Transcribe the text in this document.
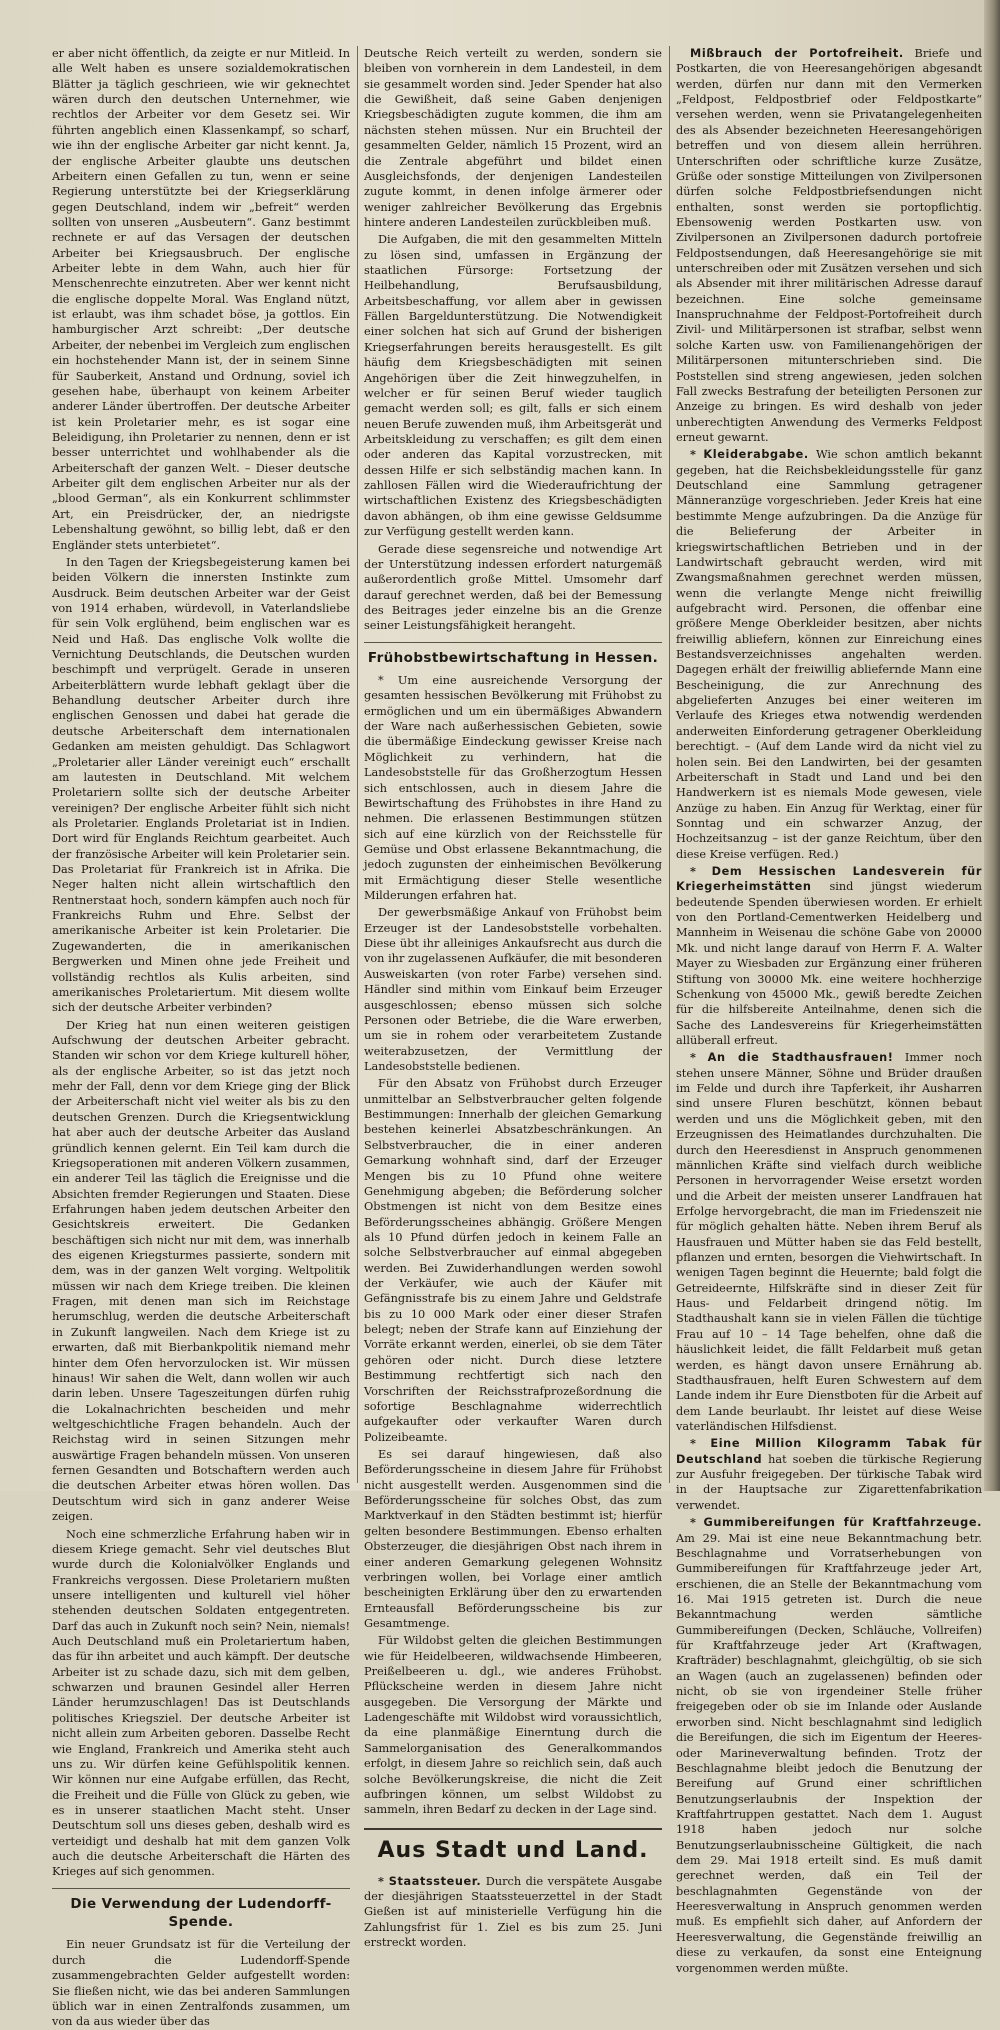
er aber nicht öffentlich, da zeigte er nur Mitleid. In alle Welt haben es unsere sozialdemokratischen Blätter ja täglich geschrieen, wie wir geknechtet wären durch den deutschen Unternehmer, wie rechtlos der Arbeiter vor dem Gesetz sei. Wir führten angeblich einen Klassenkampf, so scharf, wie ihn der englische Arbeiter gar nicht kennt. Ja, der englische Arbeiter glaubte uns deutschen Arbeitern einen Gefallen zu tun, wenn er seine Regierung unterstützte bei der Kriegserklärung gegen Deutschland, indem wir „befreit“ werden sollten von unseren „Ausbeutern“. Ganz bestimmt rechnete er auf das Versagen der deutschen Arbeiter bei Kriegsausbruch. Der englische Arbeiter lebte in dem Wahn, auch hier für Menschenrechte einzutreten. Aber wer kennt nicht die englische doppelte Moral. Was England nützt, ist erlaubt, was ihm schadet böse, ja gottlos. Ein hamburgischer Arzt schreibt: „Der deutsche Arbeiter, der nebenbei im Vergleich zum englischen ein hochstehender Mann ist, der in seinem Sinne für Sauberkeit, Anstand und Ordnung, soviel ich gesehen habe, überhaupt von keinem Arbeiter anderer Länder übertroffen. Der deutsche Arbeiter ist kein Proletarier mehr, es ist sogar eine Beleidigung, ihn Proletarier zu nennen, denn er ist besser unterrichtet und wohlhabender als die Arbeiterschaft der ganzen Welt. – Dieser deutsche Arbeiter gilt dem englischen Arbeiter nur als der „blood German“, als ein Konkurrent schlimmster Art, ein Preisdrücker, der, an niedrigste Lebenshaltung gewöhnt, so billig lebt, daß er den Engländer stets unterbietet“.

In den Tagen der Kriegsbegeisterung kamen bei beiden Völkern die innersten Instinkte zum Ausdruck. Beim deutschen Arbeiter war der Geist von 1914 erhaben, würdevoll, in Vaterlandsliebe für sein Volk erglühend, beim englischen war es Neid und Haß. Das englische Volk wollte die Vernichtung Deutschlands, die Deutschen wurden beschimpft und verprügelt. Gerade in unseren Arbeiterblättern wurde lebhaft geklagt über die Behandlung deutscher Arbeiter durch ihre englischen Genossen und dabei hat gerade die deutsche Arbeiterschaft dem internationalen Gedanken am meisten gehuldigt. Das Schlagwort „Proletarier aller Länder vereinigt euch“ erschallt am lautesten in Deutschland. Mit welchem Proletariern sollte sich der deutsche Arbeiter vereinigen? Der englische Arbeiter fühlt sich nicht als Proletarier. Englands Proletariat ist in Indien. Dort wird für Englands Reichtum gearbeitet. Auch der französische Arbeiter will kein Proletarier sein. Das Proletariat für Frankreich ist in Afrika. Die Neger halten nicht allein wirtschaftlich den Rentnerstaat hoch, sondern kämpfen auch noch für Frankreichs Ruhm und Ehre. Selbst der amerikanische Arbeiter ist kein Proletarier. Die Zugewanderten, die in amerikanischen Bergwerken und Minen ohne jede Freiheit und vollständig rechtlos als Kulis arbeiten, sind amerikanisches Proletariertum. Mit diesem wollte sich der deutsche Arbeiter verbinden?

Der Krieg hat nun einen weiteren geistigen Aufschwung der deutschen Arbeiter gebracht. Standen wir schon vor dem Kriege kulturell höher, als der englische Arbeiter, so ist das jetzt noch mehr der Fall, denn vor dem Kriege ging der Blick der Arbeiterschaft nicht viel weiter als bis zu den deutschen Grenzen. Durch die Kriegsentwicklung hat aber auch der deutsche Arbeiter das Ausland gründlich kennen gelernt. Ein Teil kam durch die Kriegsoperationen mit anderen Völkern zusammen, ein anderer Teil las täglich die Ereignisse und die Absichten fremder Regierungen und Staaten. Diese Erfahrungen haben jedem deutschen Arbeiter den Gesichtskreis erweitert. Die Gedanken beschäftigen sich nicht nur mit dem, was innerhalb des eigenen Kriegsturmes passierte, sondern mit dem, was in der ganzen Welt vorging. Weltpolitik müssen wir nach dem Kriege treiben. Die kleinen Fragen, mit denen man sich im Reichstage herumschlug, werden die deutsche Arbeiterschaft in Zukunft langweilen. Nach dem Kriege ist zu erwarten, daß mit Bierbankpolitik niemand mehr hinter dem Ofen hervorzulocken ist. Wir müssen hinaus! Wir sahen die Welt, dann wollen wir auch darin leben. Unsere Tageszeitungen dürfen ruhig die Lokalnachrichten bescheiden und mehr weltgeschichtliche Fragen behandeln. Auch der Reichstag wird in seinen Sitzungen mehr auswärtige Fragen behandeln müssen. Von unseren fernen Gesandten und Botschaftern werden auch die deutschen Arbeiter etwas hören wollen. Das Deutschtum wird sich in ganz anderer Weise zeigen.

Noch eine schmerzliche Erfahrung haben wir in diesem Kriege gemacht. Sehr viel deutsches Blut wurde durch die Kolonialvölker Englands und Frankreichs vergossen. Diese Proletariern mußten unsere intelligenten und kulturell viel höher stehenden deutschen Soldaten entgegentreten. Darf das auch in Zukunft noch sein? Nein, niemals! Auch Deutschland muß ein Proletariertum haben, das für ihn arbeitet und auch kämpft. Der deutsche Arbeiter ist zu schade dazu, sich mit dem gelben, schwarzen und braunen Gesindel aller Herren Länder herumzuschlagen! Das ist Deutschlands politisches Kriegsziel. Der deutsche Arbeiter ist nicht allein zum Arbeiten geboren. Dasselbe Recht wie England, Frankreich und Amerika steht auch uns zu. Wir dürfen keine Gefühlspolitik kennen. Wir können nur eine Aufgabe erfüllen, das Recht, die Freiheit und die Fülle von Glück zu geben, wie es in unserer staatlichen Macht steht. Unser Deutschtum soll uns dieses geben, deshalb wird es verteidigt und deshalb hat mit dem ganzen Volk auch die deutsche Arbeiterschaft die Härten des Krieges auf sich genommen.

Die Verwendung der Ludendorff-Spende.

Ein neuer Grundsatz ist für die Verteilung der durch die Ludendorff-Spende zusammengebrachten Gelder aufgestellt worden: Sie fließen nicht, wie das bei anderen Sammlungen üblich war in einen Zentralfonds zusammen, um von da aus wieder über das

Deutsche Reich verteilt zu werden, sondern sie bleiben von vornherein in dem Landesteil, in dem sie gesammelt worden sind. Jeder Spender hat also die Gewißheit, daß seine Gaben denjenigen Kriegsbeschädigten zugute kommen, die ihm am nächsten stehen müssen. Nur ein Bruchteil der gesammelten Gelder, nämlich 15 Prozent, wird an die Zentrale abgeführt und bildet einen Ausgleichsfonds, der denjenigen Landesteilen zugute kommt, in denen infolge ärmerer oder weniger zahlreicher Bevölkerung das Ergebnis hintere anderen Landesteilen zurückbleiben muß.

Die Aufgaben, die mit den gesammelten Mitteln zu lösen sind, umfassen in Ergänzung der staatlichen Fürsorge: Fortsetzung der Heilbehandlung, Berufsausbildung, Arbeitsbeschaffung, vor allem aber in gewissen Fällen Bargeldunterstützung. Die Notwendigkeit einer solchen hat sich auf Grund der bisherigen Kriegserfahrungen bereits herausgestellt. Es gilt häufig dem Kriegsbeschädigten mit seinen Angehörigen über die Zeit hinwegzuhelfen, in welcher er für seinen Beruf wieder tauglich gemacht werden soll; es gilt, falls er sich einem neuen Berufe zuwenden muß, ihm Arbeitsgerät und Arbeitskleidung zu verschaffen; es gilt dem einen oder anderen das Kapital vorzustrecken, mit dessen Hilfe er sich selbständig machen kann. In zahllosen Fällen wird die Wiederaufrichtung der wirtschaftlichen Existenz des Kriegsbeschädigten davon abhängen, ob ihm eine gewisse Geldsumme zur Verfügung gestellt werden kann.

Gerade diese segensreiche und notwendige Art der Unterstützung indessen erfordert naturgemäß außerordentlich große Mittel. Umsomehr darf darauf gerechnet werden, daß bei der Bemessung des Beitrages jeder einzelne bis an die Grenze seiner Leistungsfähigkeit herangeht.

Frühobstbewirtschaftung in Hessen.

* Um eine ausreichende Versorgung der gesamten hessischen Bevölkerung mit Frühobst zu ermöglichen und um ein übermäßiges Abwandern der Ware nach außerhessischen Gebieten, sowie die übermäßige Eindeckung gewisser Kreise nach Möglichkeit zu verhindern, hat die Landesobststelle für das Großherzogtum Hessen sich entschlossen, auch in diesem Jahre die Bewirtschaftung des Frühobstes in ihre Hand zu nehmen. Die erlassenen Bestimmungen stützen sich auf eine kürzlich von der Reichsstelle für Gemüse und Obst erlassene Bekanntmachung, die jedoch zugunsten der einheimischen Bevölkerung mit Ermächtigung dieser Stelle wesentliche Milderungen erfahren hat.

Der gewerbsmäßige Ankauf von Frühobst beim Erzeuger ist der Landesobststelle vorbehalten. Diese übt ihr alleiniges Ankaufsrecht aus durch die von ihr zugelassenen Aufkäufer, die mit besonderen Ausweiskarten (von roter Farbe) versehen sind. Händler sind mithin vom Einkauf beim Erzeuger ausgeschlossen; ebenso müssen sich solche Personen oder Betriebe, die die Ware erwerben, um sie in rohem oder verarbeitetem Zustande weiterabzusetzen, der Vermittlung der Landesobststelle bedienen.

Für den Absatz von Frühobst durch Erzeuger unmittelbar an Selbstverbraucher gelten folgende Bestimmungen: Innerhalb der gleichen Gemarkung bestehen keinerlei Absatzbeschränkungen. An Selbstverbraucher, die in einer anderen Gemarkung wohnhaft sind, darf der Erzeuger Mengen bis zu 10 Pfund ohne weitere Genehmigung abgeben; die Beförderung solcher Obstmengen ist nicht von dem Besitze eines Beförderungsscheines abhängig. Größere Mengen als 10 Pfund dürfen jedoch in keinem Falle an solche Selbstverbraucher auf einmal abgegeben werden. Bei Zuwiderhandlungen werden sowohl der Verkäufer, wie auch der Käufer mit Gefängnisstrafe bis zu einem Jahre und Geldstrafe bis zu 10 000 Mark oder einer dieser Strafen belegt; neben der Strafe kann auf Einziehung der Vorräte erkannt werden, einerlei, ob sie dem Täter gehören oder nicht. Durch diese letztere Bestimmung rechtfertigt sich nach den Vorschriften der Reichsstrafprozeßordnung die sofortige Beschlagnahme widerrechtlich aufgekaufter oder verkaufter Waren durch Polizeibeamte.

Es sei darauf hingewiesen, daß also Beförderungsscheine in diesem Jahre für Frühobst nicht ausgestellt werden. Ausgenommen sind die Beförderungsscheine für solches Obst, das zum Marktverkauf in den Städten bestimmt ist; hierfür gelten besondere Bestimmungen. Ebenso erhalten Obsterzeuger, die diesjährigen Obst nach ihrem in einer anderen Gemarkung gelegenen Wohnsitz verbringen wollen, bei Vorlage einer amtlich bescheinigten Erklärung über den zu erwartenden Ernteausfall Beförderungsscheine bis zur Gesamtmenge.

Für Wildobst gelten die gleichen Bestimmungen wie für Heidelbeeren, wildwachsende Himbeeren, Preißelbeeren u. dgl., wie anderes Frühobst. Pflückscheine werden in diesem Jahre nicht ausgegeben. Die Versorgung der Märkte und Ladengeschäfte mit Wildobst wird voraussichtlich, da eine planmäßige Einerntung durch die Sammelorganisation des Generalkommandos erfolgt, in diesem Jahre so reichlich sein, daß auch solche Bevölkerungskreise, die nicht die Zeit aufbringen können, um selbst Wildobst zu sammeln, ihren Bedarf zu decken in der Lage sind.

Aus Stadt und Land.

* Staatssteuer. Durch die verspätete Ausgabe der diesjährigen Staatssteuerzettel in der Stadt Gießen ist auf ministerielle Verfügung hin die Zahlungsfrist für 1. Ziel es bis zum 25. Juni erstreckt worden.

Mißbrauch der Portofreiheit. Briefe und Postkarten, die von Heeresangehörigen abgesandt werden, dürfen nur dann mit den Vermerken „Feldpost, Feldpostbrief oder Feldpostkarte“ versehen werden, wenn sie Privatangelegenheiten des als Absender bezeichneten Heeresangehörigen betreffen und von diesem allein herrühren. Unterschriften oder schriftliche kurze Zusätze, Grüße oder sonstige Mitteilungen von Zivilpersonen dürfen solche Feldpostbriefsendungen nicht enthalten, sonst werden sie portopflichtig. Ebensowenig werden Postkarten usw. von Zivilpersonen an Zivilpersonen dadurch portofreie Feldpostsendungen, daß Heeresangehörige sie mit unterschreiben oder mit Zusätzen versehen und sich als Absender mit ihrer militärischen Adresse darauf bezeichnen. Eine solche gemeinsame Inanspruchnahme der Feldpost-Portofreiheit durch Zivil- und Militärpersonen ist strafbar, selbst wenn solche Karten usw. von Familienangehörigen der Militärpersonen mitunterschrieben sind. Die Poststellen sind streng angewiesen, jeden solchen Fall zwecks Bestrafung der beteiligten Personen zur Anzeige zu bringen. Es wird deshalb von jeder unberechtigten Anwendung des Vermerks Feldpost erneut gewarnt.

* Kleiderabgabe. Wie schon amtlich bekannt gegeben, hat die Reichsbekleidungsstelle für ganz Deutschland eine Sammlung getragener Männeranzüge vorgeschrieben. Jeder Kreis hat eine bestimmte Menge aufzubringen. Da die Anzüge für die Belieferung der Arbeiter in kriegswirtschaftlichen Betrieben und in der Landwirtschaft gebraucht werden, wird mit Zwangsmaßnahmen gerechnet werden müssen, wenn die verlangte Menge nicht freiwillig aufgebracht wird. Personen, die offenbar eine größere Menge Oberkleider besitzen, aber nichts freiwillig abliefern, können zur Einreichung eines Bestandsverzeichnisses angehalten werden. Dagegen erhält der freiwillig abliefernde Mann eine Bescheinigung, die zur Anrechnung des abgelieferten Anzuges bei einer weiteren im Verlaufe des Krieges etwa notwendig werdenden anderweiten Einforderung getragener Oberkleidung berechtigt. – (Auf dem Lande wird da nicht viel zu holen sein. Bei den Landwirten, bei der gesamten Arbeiterschaft in Stadt und Land und bei den Handwerkern ist es niemals Mode gewesen, viele Anzüge zu haben. Ein Anzug für Werktag, einer für Sonntag und ein schwarzer Anzug, der Hochzeitsanzug – ist der ganze Reichtum, über den diese Kreise verfügen. Red.)

* Dem Hessischen Landesverein für Kriegerheimstätten sind jüngst wiederum bedeutende Spenden überwiesen worden. Er erhielt von den Portland-Cementwerken Heidelberg und Mannheim in Weisenau die schöne Gabe von 20000 Mk. und nicht lange darauf von Herrn F. A. Walter Mayer zu Wiesbaden zur Ergänzung einer früheren Stiftung von 30000 Mk. eine weitere hochherzige Schenkung von 45000 Mk., gewiß beredte Zeichen für die hilfsbereite Anteilnahme, denen sich die Sache des Landesvereins für Kriegerheimstätten allüberall erfreut.

* An die Stadthausfrauen! Immer noch stehen unsere Männer, Söhne und Brüder draußen im Felde und durch ihre Tapferkeit, ihr Ausharren sind unsere Fluren beschützt, können bebaut werden und uns die Möglichkeit geben, mit den Erzeugnissen des Heimatlandes durchzuhalten. Die durch den Heeresdienst in Anspruch genommenen männlichen Kräfte sind vielfach durch weibliche Personen in hervorragender Weise ersetzt worden und die Arbeit der meisten unserer Landfrauen hat Erfolge hervorgebracht, die man im Friedenszeit nie für möglich gehalten hätte. Neben ihrem Beruf als Hausfrauen und Mütter haben sie das Feld bestellt, pflanzen und ernten, besorgen die Viehwirtschaft. In wenigen Tagen beginnt die Heuernte; bald folgt die Getreideernte, Hilfskräfte sind in dieser Zeit für Haus- und Feldarbeit dringend nötig. Im Stadthaushalt kann sie in vielen Fällen die tüchtige Frau auf 10 – 14 Tage behelfen, ohne daß die häuslichkeit leidet, die fällt Feldarbeit muß getan werden, es hängt davon unsere Ernährung ab. Stadthausfrauen, helft Euren Schwestern auf dem Lande indem ihr Eure Dienstboten für die Arbeit auf dem Lande beurlaubt. Ihr leistet auf diese Weise vaterländischen Hilfsdienst.

* Eine Million Kilogramm Tabak für Deutschland hat soeben die türkische Regierung zur Ausfuhr freigegeben. Der türkische Tabak wird in der Hauptsache zur Zigarettenfabrikation verwendet.

* Gummibereifungen für Kraftfahrzeuge. Am 29. Mai ist eine neue Bekanntmachung betr. Beschlagnahme und Vorratserhebungen von Gummibereifungen für Kraftfahrzeuge jeder Art, erschienen, die an Stelle der Bekanntmachung vom 16. Mai 1915 getreten ist. Durch die neue Bekanntmachung werden sämtliche Gummibereifungen (Decken, Schläuche, Vollreifen) für Kraftfahrzeuge jeder Art (Kraftwagen, Krafträder) beschlagnahmt, gleichgültig, ob sie sich an Wagen (auch an zugelassenen) befinden oder nicht, ob sie von irgendeiner Stelle früher freigegeben oder ob sie im Inlande oder Auslande erworben sind. Nicht beschlagnahmt sind lediglich die Bereifungen, die sich im Eigentum der Heeres- oder Marineverwaltung befinden. Trotz der Beschlagnahme bleibt jedoch die Benutzung der Bereifung auf Grund einer schriftlichen Benutzungserlaubnis der Inspektion der Kraftfahrtruppen gestattet. Nach dem 1. August 1918 haben jedoch nur solche Benutzungserlaubnisscheine Gültigkeit, die nach dem 29. Mai 1918 erteilt sind. Es muß damit gerechnet werden, daß ein Teil der beschlagnahmten Gegenstände von der Heeresverwaltung in Anspruch genommen werden muß. Es empfiehlt sich daher, auf Anfordern der Heeresverwaltung, die Gegenstände freiwillig an diese zu verkaufen, da sonst eine Enteignung vorgenommen werden müßte.
